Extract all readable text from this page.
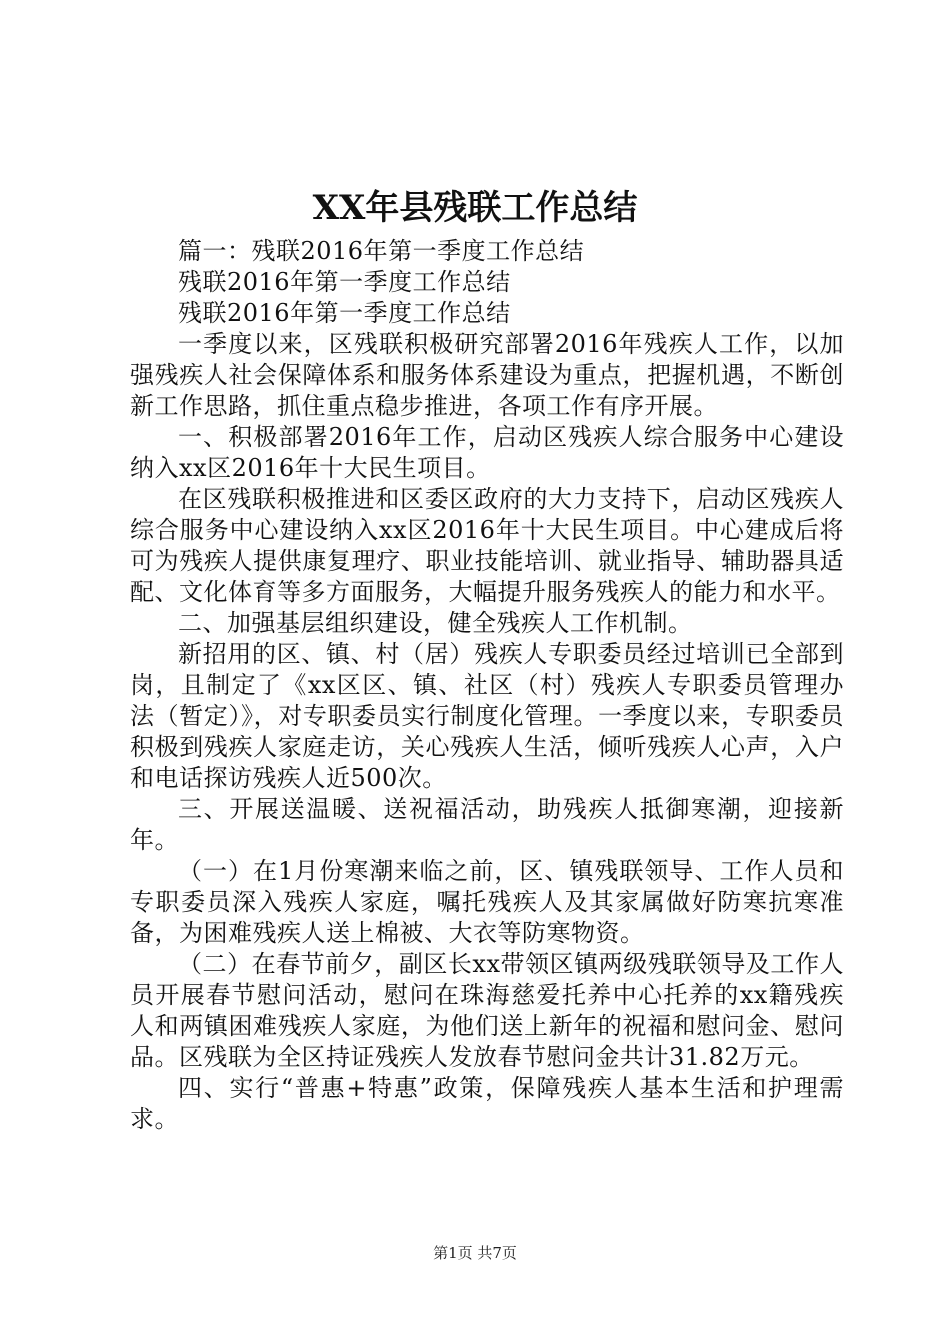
XX年县残联工作总结

篇一：残联2016年第一季度工作总结

残联2016年第一季度工作总结

残联2016年第一季度工作总结

一季度以来，区残联积极研究部署2016年残疾人工作，以加强残疾人社会保障体系和服务体系建设为重点，把握机遇，不断创新工作思路，抓住重点稳步推进，各项工作有序开展。

一、积极部署2016年工作，启动区残疾人综合服务中心建设纳入xx区2016年十大民生项目。

在区残联积极推进和区委区政府的大力支持下，启动区残疾人综合服务中心建设纳入xx区2016年十大民生项目。中心建成后将可为残疾人提供康复理疗、职业技能培训、就业指导、辅助器具适配、文化体育等多方面服务，大幅提升服务残疾人的能力和水平。

二、加强基层组织建设，健全残疾人工作机制。

新招用的区、镇、村（居）残疾人专职委员经过培训已全部到岗，且制定了《xx区区、镇、社区（村）残疾人专职委员管理办法（暂定）》，对专职委员实行制度化管理。一季度以来，专职委员积极到残疾人家庭走访，关心残疾人生活，倾听残疾人心声，入户和电话探访残疾人近500次。

三、开展送温暖、送祝福活动，助残疾人抵御寒潮，迎接新年。

（一）在1月份寒潮来临之前，区、镇残联领导、工作人员和专职委员深入残疾人家庭，嘱托残疾人及其家属做好防寒抗寒准备，为困难残疾人送上棉被、大衣等防寒物资。

（二）在春节前夕，副区长xx带领区镇两级残联领导及工作人员开展春节慰问活动，慰问在珠海慈爱托养中心托养的xx籍残疾人和两镇困难残疾人家庭，为他们送上新年的祝福和慰问金、慰问品。区残联为全区持证残疾人发放春节慰问金共计31.82万元。

四、实行“普惠+特惠”政策，保障残疾人基本生活和护理需求。

第1页 共7页
